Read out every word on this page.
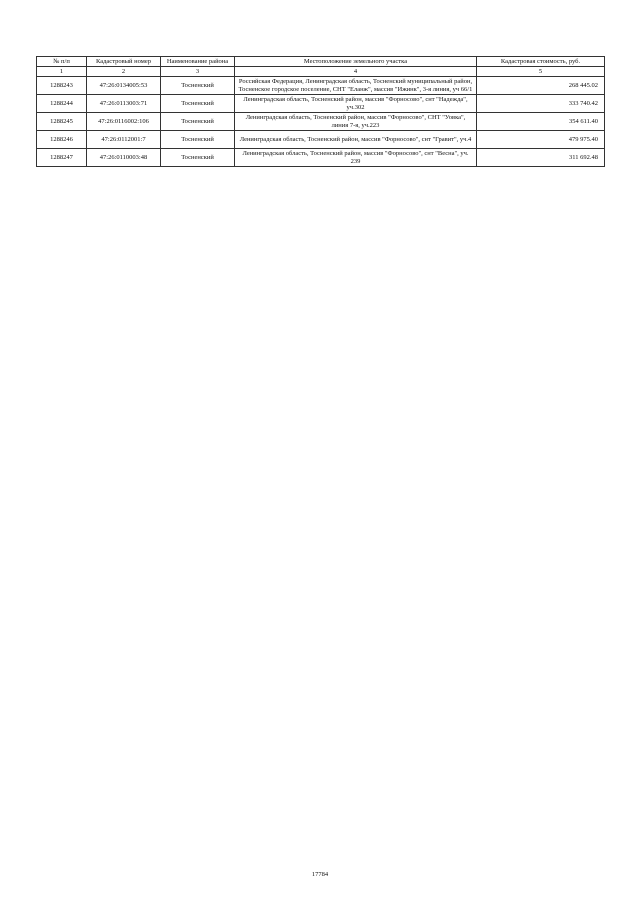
№ п/п	Кадастровый номер	Наименование района	Местоположение земельного участка	Кадастровая стоимость, руб.
1	2	3	4	5
1288243	47:26:0134005:53	Тосненский	Российская Федерация, Ленинградская область, Тосненский муниципальный район, Тосненское городское поселение, СНТ "Еланж", массив "Ижинк", 3-я линия, уч 66/1	268 445.02
1288244	47:26:0113003:71	Тосненский	Ленинградская область, Тосненский район, массив "Форносово", снт "Надежда", уч.302	333 740.42
1288245	47:26:0116002:106	Тосненский	Ленинградская область, Тосненский район, массив "Форносово", СНТ "Уовка", линия 7-я, уч.223	354 611.40
1288246	47:26:0112001:7	Тосненский	Ленинградская область, Тосненский район, массив "Форносово", снт "Гравит", уч.4	479 975.40
1288247	47:26:0110003:48	Тосненский	Ленинградская область, Тосненский район, массив "Форносово", снт "Весна", уч. 239	311 692.48
17784
